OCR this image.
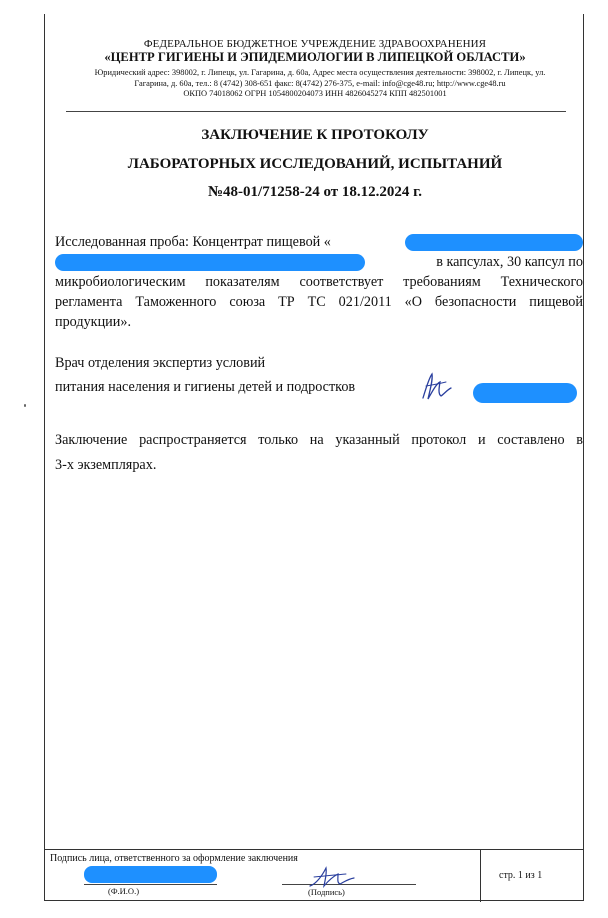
ФЕДЕРАЛЬНОЕ БЮДЖЕТНОЕ УЧРЕЖДЕНИЕ ЗДРАВООХРАНЕНИЯ
«ЦЕНТР ГИГИЕНЫ И ЭПИДЕМИОЛОГИИ В ЛИПЕЦКОЙ ОБЛАСТИ»
Юридический адрес: 398002, г. Липецк, ул. Гагарина, д. 60а, Адрес места осуществления деятельности: 398002, г. Липецк, ул.
Гагарина, д. 60а, тел.: 8 (4742) 308-651 факс: 8(4742) 276-375, e-mail: info@cge48.ru; http://www.cge48.ru
ОКПО 74018062 ОГРН 1054800204073 ИНН 4826045274 КПП 482501001
ЗАКЛЮЧЕНИЕ К ПРОТОКОЛУ
ЛАБОРАТОРНЫХ ИССЛЕДОВАНИЙ, ИСПЫТАНИЙ
№48-01/71258-24 от 18.12.2024 г.
Исследованная проба: Концентрат пищевой «
в капсулах, 30 капсул по
микробиологическим показателям соответствует требованиям Технического
регламента Таможенного союза ТР ТС 021/2011 «О безопасности пищевой
продукции».
Врач отделения экспертиз условий
питания населения и гигиены детей и подростков
Заключение распространяется только на указанный протокол и составлено в
3-х экземплярах.
Подпись лица, ответственного за оформление заключения
(Ф.И.О.)	(Подпись)
стр. 1 из 1
